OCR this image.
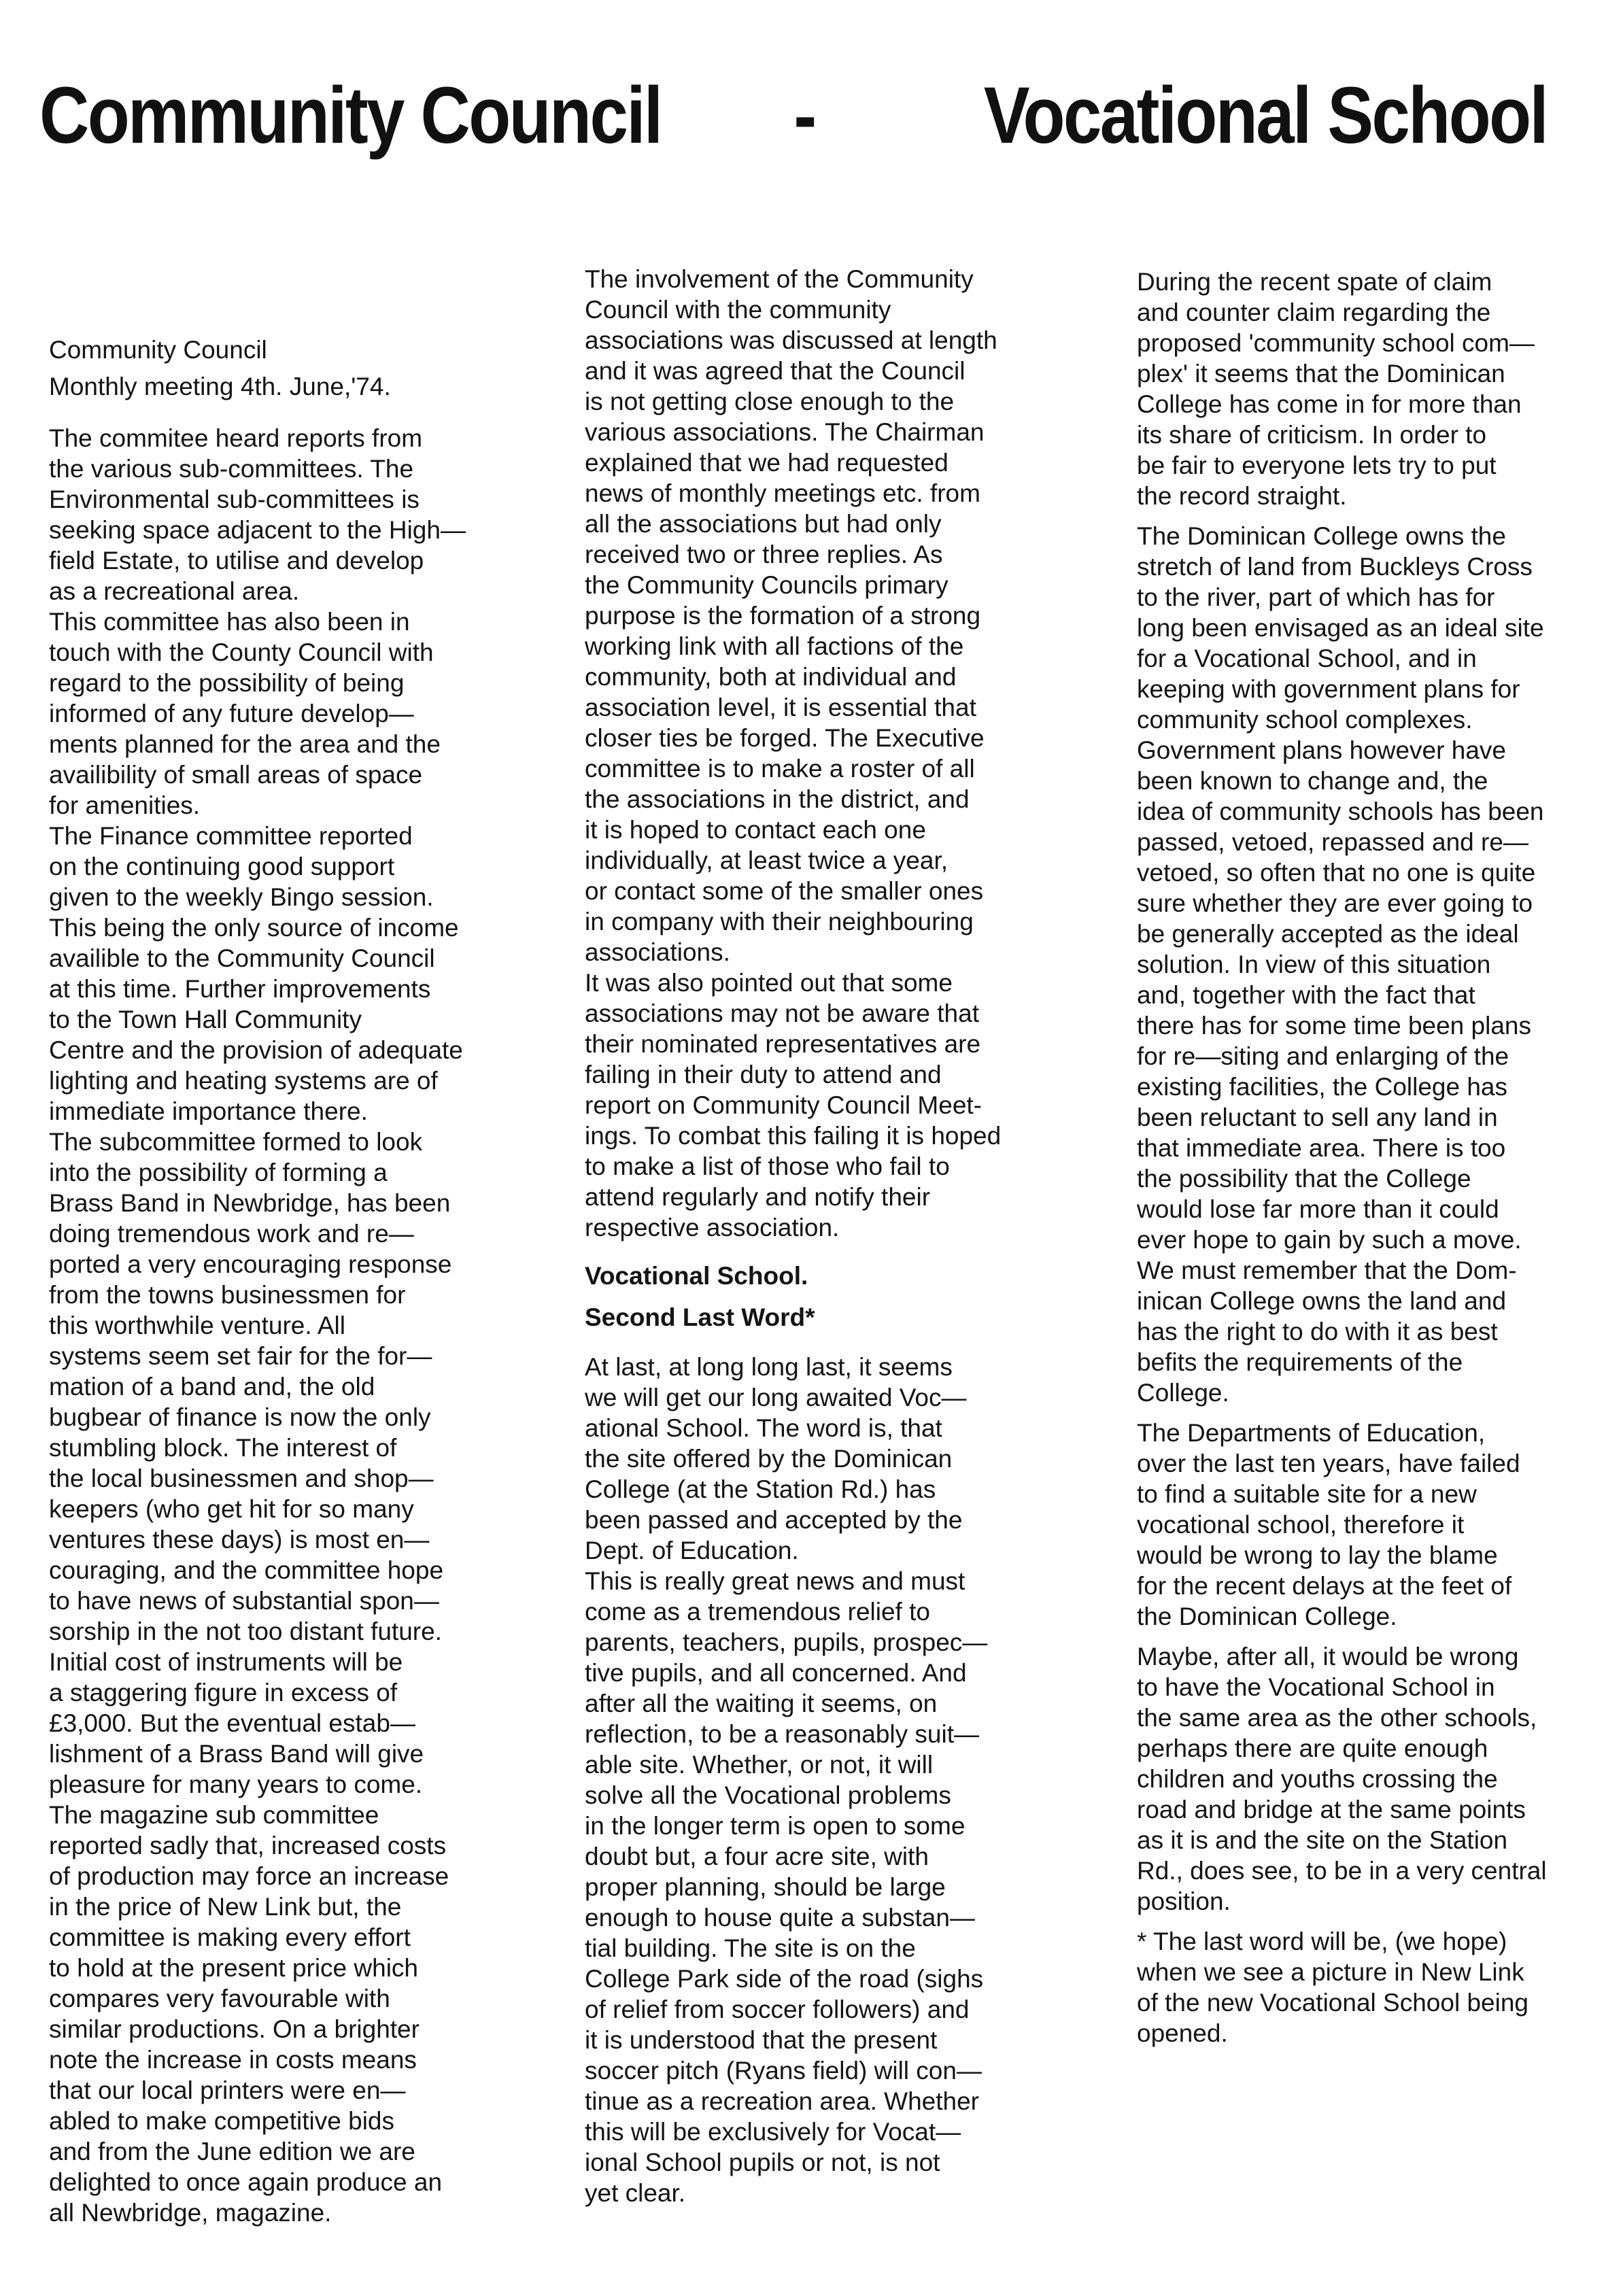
Community Council - Vocational School

Community Council

Monthly meeting 4th. June,'74.

The commitee heard reports from
the various sub-committees. The
Environmental sub-committees is
seeking space adjacent to the High—
field Estate, to utilise and develop
as a recreational area.
This committee has also been in
touch with the County Council with
regard to the possibility of being
informed of any future develop—
ments planned for the area and the
availibility of small areas of space
for amenities.
The Finance committee reported
on the continuing good support
given to the weekly Bingo session.
This being the only source of income
availible to the Community Council
at this time. Further improvements
to the Town Hall Community
Centre and the provision of adequate
lighting and heating systems are of
immediate importance there.
The subcommittee formed to look
into the possibility of forming a
Brass Band in Newbridge, has been
doing tremendous work and re—
ported a very encouraging response
from the towns businessmen for
this worthwhile venture. All
systems seem set fair for the for—
mation of a band and, the old
bugbear of finance is now the only
stumbling block. The interest of
the local businessmen and shop—
keepers (who get hit for so many
ventures these days) is most en—
couraging, and the committee hope
to have news of substantial spon—
sorship in the not too distant future.
Initial cost of instruments will be
a staggering figure in excess of
£3,000. But the eventual estab—
lishment of a Brass Band will give
pleasure for many years to come.
The magazine sub committee
reported sadly that, increased costs
of production may force an increase
in the price of New Link but, the
committee is making every effort
to hold at the present price which
compares very favourable with
similar productions. On a brighter
note the increase in costs means
that our local printers were en—
abled to make competitive bids
and from the June edition we are
delighted to once again produce an
all Newbridge, magazine.

The involvement of the Community
Council with the community
associations was discussed at length
and it was agreed that the Council
is not getting close enough to the
various associations. The Chairman
explained that we had requested
news of monthly meetings etc. from
all the associations but had only
received two or three replies. As
the Community Councils primary
purpose is the formation of a strong
working link with all factions of the
community, both at individual and
association level, it is essential that
closer ties be forged. The Executive
committee is to make a roster of all
the associations in the district, and
it is hoped to contact each one
individually, at least twice a year,
or contact some of the smaller ones
in company with their neighbouring
associations.
It was also pointed out that some
associations may not be aware that
their nominated representatives are
failing in their duty to attend and
report on Community Council Meet-
ings. To combat this failing it is hoped
to make a list of those who fail to
attend regularly and notify their
respective association.

Vocational School.

Second Last Word*

At last, at long long last, it seems
we will get our long awaited Voc—
ational School. The word is, that
the site offered by the Dominican
College (at the Station Rd.) has
been passed and accepted by the
Dept. of Education.
This is really great news and must
come as a tremendous relief to
parents, teachers, pupils, prospec—
tive pupils, and all concerned. And
after all the waiting it seems, on
reflection, to be a reasonably suit—
able site. Whether, or not, it will
solve all the Vocational problems
in the longer term is open to some
doubt but, a four acre site, with
proper planning, should be large
enough to house quite a substan—
tial building. The site is on the
College Park side of the road (sighs
of relief from soccer followers) and
it is understood that the present
soccer pitch (Ryans field) will con—
tinue as a recreation area. Whether
this will be exclusively for Vocat—
ional School pupils or not, is not
yet clear.

During the recent spate of claim
and counter claim regarding the
proposed 'community school com—
plex' it seems that the Dominican
College has come in for more than
its share of criticism. In order to
be fair to everyone lets try to put
the record straight.

The Dominican College owns the
stretch of land from Buckleys Cross
to the river, part of which has for
long been envisaged as an ideal site
for a Vocational School, and in
keeping with government plans for
community school complexes.
Government plans however have
been known to change and, the
idea of community schools has been
passed, vetoed, repassed and re—
vetoed, so often that no one is quite
sure whether they are ever going to
be generally accepted as the ideal
solution. In view of this situation
and, together with the fact that
there has for some time been plans
for re—siting and enlarging of the
existing facilities, the College has
been reluctant to sell any land in
that immediate area. There is too
the possibility that the College
would lose far more than it could
ever hope to gain by such a move.
We must remember that the Dom-
inican College owns the land and
has the right to do with it as best
befits the requirements of the
College.

The Departments of Education,
over the last ten years, have failed
to find a suitable site for a new
vocational school, therefore it
would be wrong to lay the blame
for the recent delays at the feet of
the Dominican College.

Maybe, after all, it would be wrong
to have the Vocational School in
the same area as the other schools,
perhaps there are quite enough
children and youths crossing the
road and bridge at the same points
as it is and the site on the Station
Rd., does see, to be in a very central
position.

* The last word will be, (we hope)
when we see a picture in New Link
of the new Vocational School being
opened.
